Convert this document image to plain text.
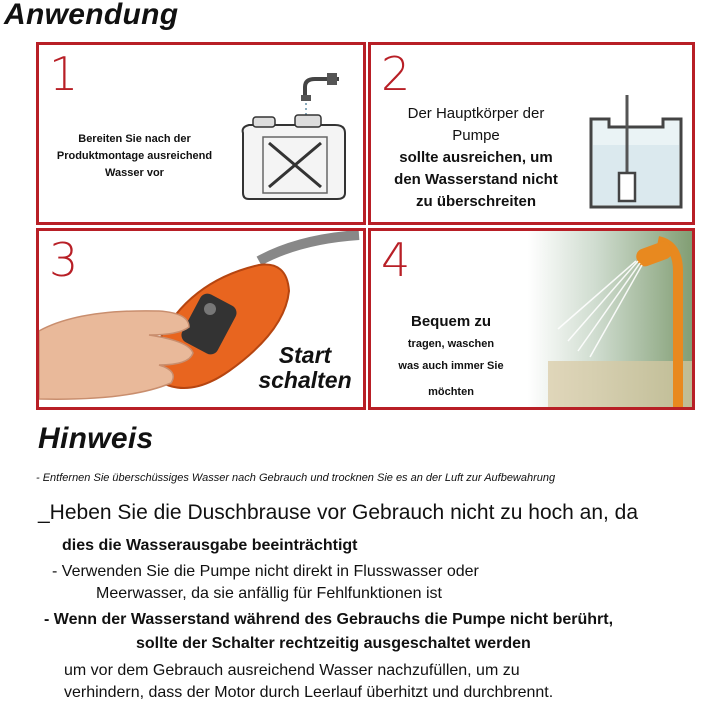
Anwendung
1
Bereiten Sie nach der Produktmontage ausreichend Wasser vor
2
Der Hauptkörper der
Pumpe
sollte ausreichen, um
den Wasserstand nicht
zu überschreiten
3
Start
schalten
4
Bequem zu
tragen, waschen
was auch immer Sie
möchten
Hinweis
- Entfernen Sie überschüssiges Wasser nach Gebrauch und trocknen Sie es an der Luft zur Aufbewahrung
_Heben Sie die Duschbrause vor Gebrauch nicht zu hoch an, da
dies die Wasserausgabe beeinträchtigt
- Verwenden Sie die Pumpe nicht direkt in Flusswasser oder
Meerwasser, da sie anfällig für Fehlfunktionen ist
- Wenn der Wasserstand während des Gebrauchs die Pumpe nicht berührt,
sollte der Schalter rechtzeitig ausgeschaltet werden
um vor dem Gebrauch ausreichend Wasser nachzufüllen, um zu
verhindern, dass der Motor durch Leerlauf überhitzt und durchbrennt.
